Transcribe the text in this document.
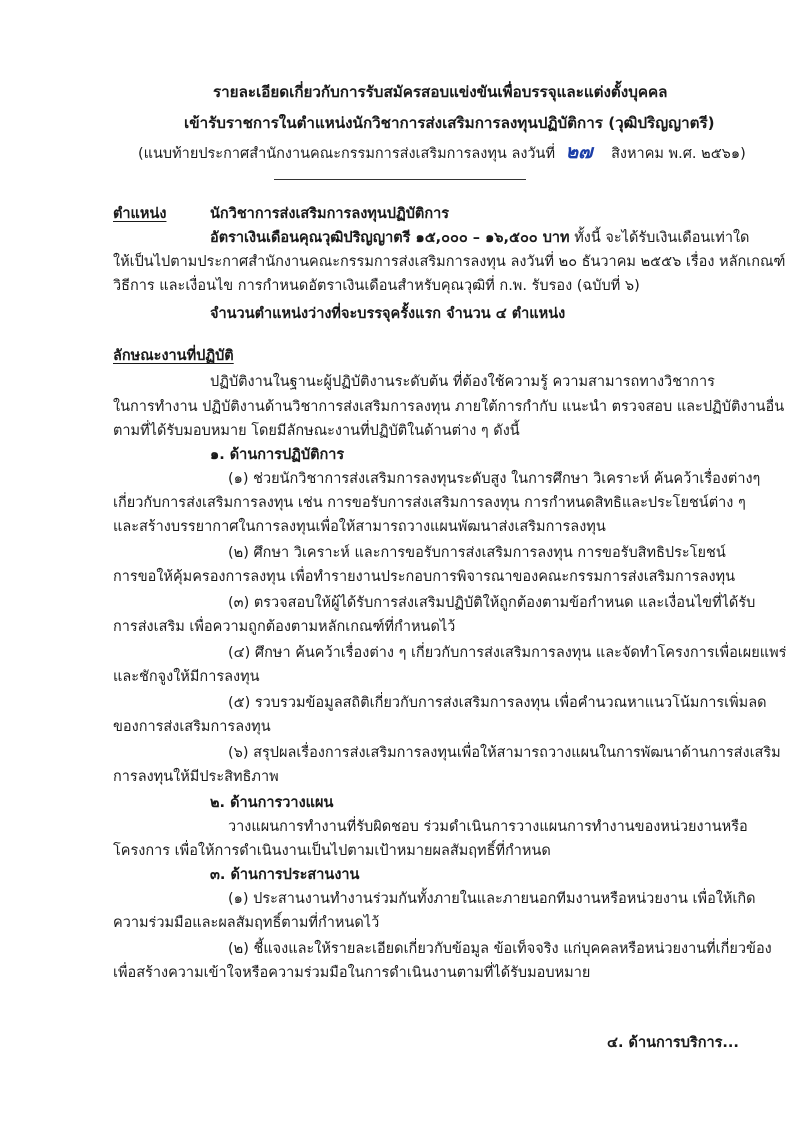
รายละเอียดเกี่ยวกับการรับสมัครสอบแข่งขันเพื่อบรรจุและแต่งตั้งบุคคล
เข้ารับราชการในตำแหน่งนักวิชาการส่งเสริมการลงทุนปฏิบัติการ (วุฒิปริญญาตรี)
(แนบท้ายประกาศสำนักงานคณะกรรมการส่งเสริมการลงทุน ลงวันที่ ๒๗ สิงหาคม พ.ศ. ๒๕๖๑)
ตำแหน่ง	นักวิชาการส่งเสริมการลงทุนปฏิบัติการ
อัตราเงินเดือนคุณวุฒิปริญญาตรี ๑๕,๐๐๐ – ๑๖,๕๐๐ บาท ทั้งนี้ จะได้รับเงินเดือนเท่าใด
ให้เป็นไปตามประกาศสำนักงานคณะกรรมการส่งเสริมการลงทุน ลงวันที่ ๒๐ ธันวาคม ๒๕๕๖ เรื่อง หลักเกณฑ์
วิธีการ และเงื่อนไข การกำหนดอัตราเงินเดือนสำหรับคุณวุฒิที่ ก.พ. รับรอง (ฉบับที่ ๖)
จำนวนตำแหน่งว่างที่จะบรรจุครั้งแรก จำนวน ๔ ตำแหน่ง
ลักษณะงานที่ปฏิบัติ
ปฏิบัติงานในฐานะผู้ปฏิบัติงานระดับต้น ที่ต้องใช้ความรู้ ความสามารถทางวิชาการ
ในการทำงาน ปฏิบัติงานด้านวิชาการส่งเสริมการลงทุน ภายใต้การกำกับ แนะนำ ตรวจสอบ และปฏิบัติงานอื่น
ตามที่ได้รับมอบหมาย โดยมีลักษณะงานที่ปฏิบัติในด้านต่าง ๆ ดังนี้
๑. ด้านการปฏิบัติการ
(๑) ช่วยนักวิชาการส่งเสริมการลงทุนระดับสูง ในการศึกษา วิเคราะห์ ค้นคว้าเรื่องต่างๆ
เกี่ยวกับการส่งเสริมการลงทุน เช่น การขอรับการส่งเสริมการลงทุน การกำหนดสิทธิและประโยชน์ต่าง ๆ
และสร้างบรรยากาศในการลงทุนเพื่อให้สามารถวางแผนพัฒนาส่งเสริมการลงทุน
(๒) ศึกษา วิเคราะห์ และการขอรับการส่งเสริมการลงทุน การขอรับสิทธิประโยชน์
การขอให้คุ้มครองการลงทุน เพื่อทำรายงานประกอบการพิจารณาของคณะกรรมการส่งเสริมการลงทุน
(๓) ตรวจสอบให้ผู้ได้รับการส่งเสริมปฏิบัติให้ถูกต้องตามข้อกำหนด และเงื่อนไขที่ได้รับ
การส่งเสริม เพื่อความถูกต้องตามหลักเกณฑ์ที่กำหนดไว้
(๔) ศึกษา ค้นคว้าเรื่องต่าง ๆ เกี่ยวกับการส่งเสริมการลงทุน และจัดทำโครงการเพื่อเผยแพร่
และชักจูงให้มีการลงทุน
(๕) รวบรวมข้อมูลสถิติเกี่ยวกับการส่งเสริมการลงทุน เพื่อคำนวณหาแนวโน้มการเพิ่มลด
ของการส่งเสริมการลงทุน
(๖) สรุปผลเรื่องการส่งเสริมการลงทุนเพื่อให้สามารถวางแผนในการพัฒนาด้านการส่งเสริม
การลงทุนให้มีประสิทธิภาพ
๒. ด้านการวางแผน
วางแผนการทำงานที่รับผิดชอบ ร่วมดำเนินการวางแผนการทำงานของหน่วยงานหรือ
โครงการ เพื่อให้การดำเนินงานเป็นไปตามเป้าหมายผลสัมฤทธิ์ที่กำหนด
๓. ด้านการประสานงาน
(๑) ประสานงานทำงานร่วมกันทั้งภายในและภายนอกทีมงานหรือหน่วยงาน เพื่อให้เกิด
ความร่วมมือและผลสัมฤทธิ์ตามที่กำหนดไว้
(๒) ชี้แจงและให้รายละเอียดเกี่ยวกับข้อมูล ข้อเท็จจริง แก่บุคคลหรือหน่วยงานที่เกี่ยวข้อง
เพื่อสร้างความเข้าใจหรือความร่วมมือในการดำเนินงานตามที่ได้รับมอบหมาย
๔. ด้านการบริการ...
